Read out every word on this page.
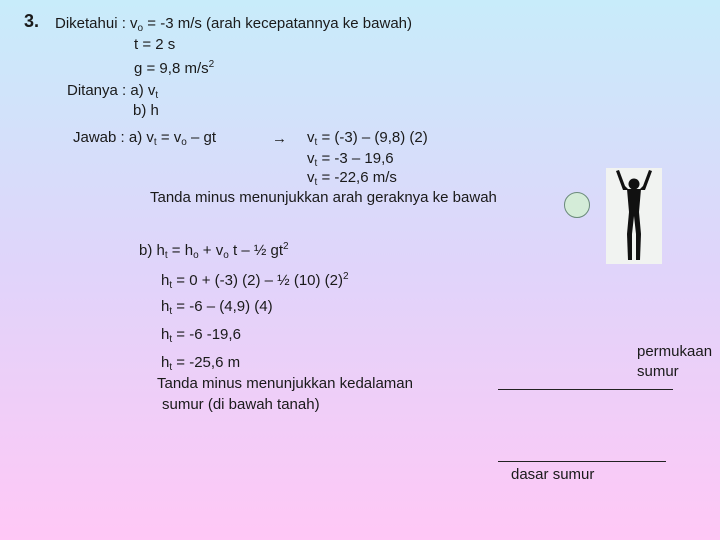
3. Diketahui : $v_o = -3$ m/s (arah kecepatannya ke bawah)
t = 2 s
g = 9,8 $m/s^2$
Ditanya : a) $v_t$
b) h
Jawab : a) $v_t = v_o$ – gt	→ $v_t = (-3) - (9,8)$ (2)
$v_t = -3 - 19,6$
$v_t = -22,6$ m/s
Tanda minus menunjukkan arah geraknya ke bawah
b) $h_t = h_o + v_o$ t – ½ $gt^2$
$h_t = 0 + (-3)$ (2) – ½ (10) $(2)^2$
$h_t = -6 - (4,9)$ (4)
$h_t = -6$ -19,6
$h_t = -25,6$ m
Tanda minus menunjukkan kedalaman
sumur (di bawah tanah)
permukaan
sumur
dasar sumur
